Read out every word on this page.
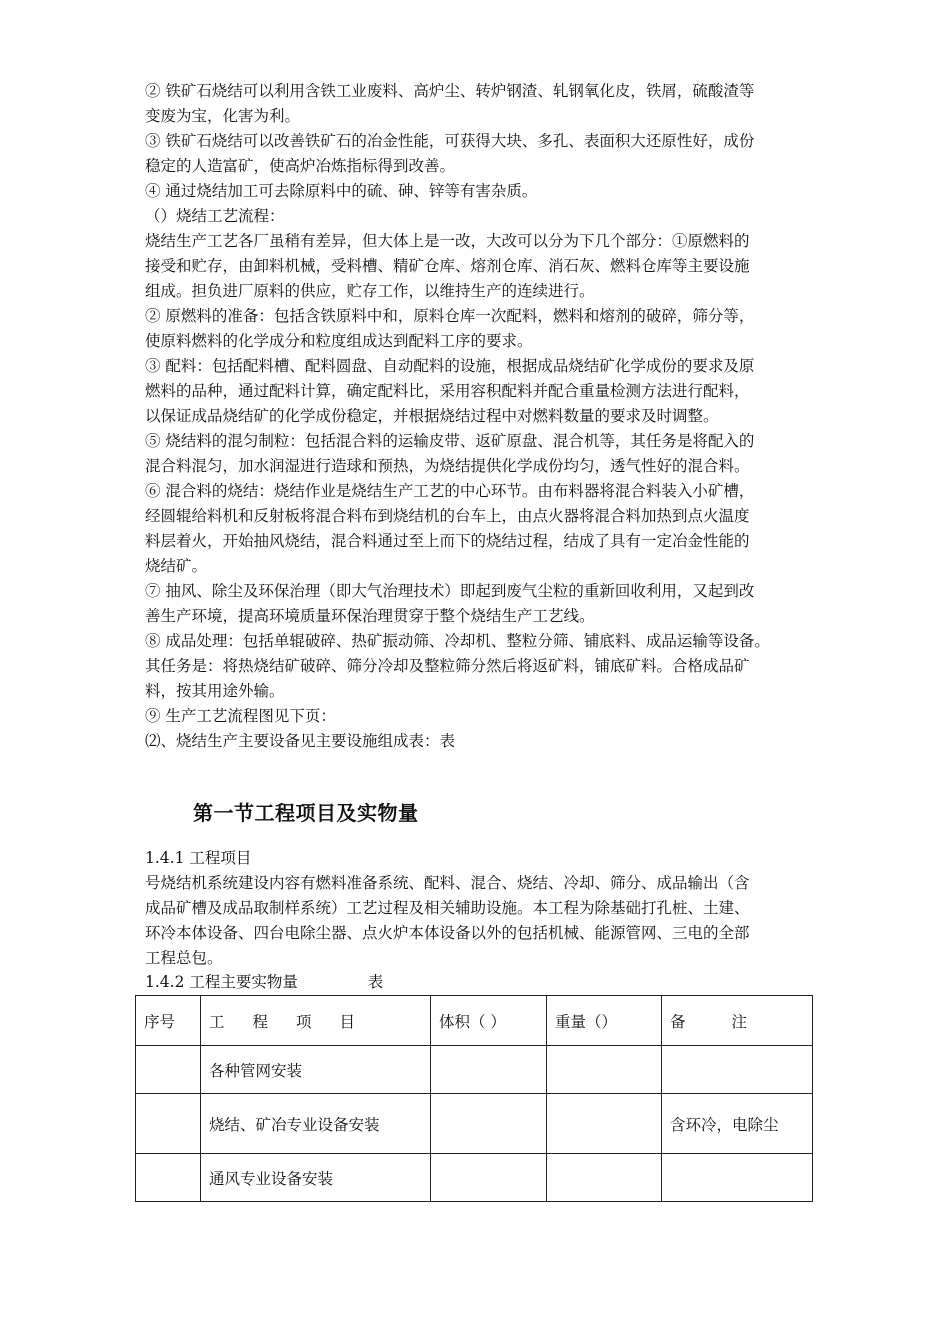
② 铁矿石烧结可以利用含铁工业废料、高炉尘、转炉钢渣、轧钢氧化皮，铁屑，硫酸渣等
变废为宝，化害为利。
③ 铁矿石烧结可以改善铁矿石的冶金性能，可获得大块、多孔、表面积大还原性好，成份
稳定的人造富矿，使高炉冶炼指标得到改善。
④ 通过烧结加工可去除原料中的硫、砷、锌等有害杂质。
（）烧结工艺流程：
烧结生产工艺各厂虽稍有差异，但大体上是一改，大改可以分为下几个部分：①原燃料的
接受和贮存，由卸料机械，受料槽、精矿仓库、熔剂仓库、消石灰、燃料仓库等主要设施
组成。担负进厂原料的供应，贮存工作，以维持生产的连续进行。
② 原燃料的准备：包括含铁原料中和，原料仓库一次配料，燃料和熔剂的破碎，筛分等，
使原料燃料的化学成分和粒度组成达到配料工序的要求。
③ 配料：包括配料槽、配料圆盘、自动配料的设施，根据成品烧结矿化学成份的要求及原
燃料的品种，通过配料计算，确定配料比，采用容积配料并配合重量检测方法进行配料，
以保证成品烧结矿的化学成份稳定，并根据烧结过程中对燃料数量的要求及时调整。
⑤ 烧结料的混匀制粒：包括混合料的运输皮带、返矿原盘、混合机等，其任务是将配入的
混合料混匀，加水润湿进行造球和预热，为烧结提供化学成份均匀，透气性好的混合料。
⑥ 混合料的烧结：烧结作业是烧结生产工艺的中心环节。由布料器将混合料装入小矿槽，
经圆辊给料机和反射板将混合料布到烧结机的台车上，由点火器将混合料加热到点火温度
料层着火，开始抽风烧结，混合料通过至上而下的烧结过程，结成了具有一定冶金性能的
烧结矿。
⑦ 抽风、除尘及环保治理（即大气治理技术）即起到废气尘粒的重新回收利用，又起到改
善生产环境，提高环境质量环保治理贯穿于整个烧结生产工艺线。
⑧ 成品处理：包括单辊破碎、热矿振动筛、冷却机、整粒分筛、铺底料、成品运输等设备。
其任务是：将热烧结矿破碎、筛分冷却及整粒筛分然后将返矿料，铺底矿料。合格成品矿
料，按其用途外输。
⑨ 生产工艺流程图见下页：
⑵、烧结生产主要设备见主要设施组成表：表
第一节工程项目及实物量
1.4.1 工程项目
号烧结机系统建设内容有燃料准备系统、配料、混合、烧结、冷却、筛分、成品输出（含
成品矿槽及成品取制样系统）工艺过程及相关辅助设施。本工程为除基础打孔桩、土建、
环冷本体设备、四台电除尘器、点火炉本体设备以外的包括机械、能源管网、三电的全部
工程总包。
1.4.2 工程主要实物量	表
序号	工程项目	体积（ ）	重量（）	备注
	各种管网安装			
	烧结、矿冶专业设备安装			含环冷，电除尘
	通风专业设备安装			
